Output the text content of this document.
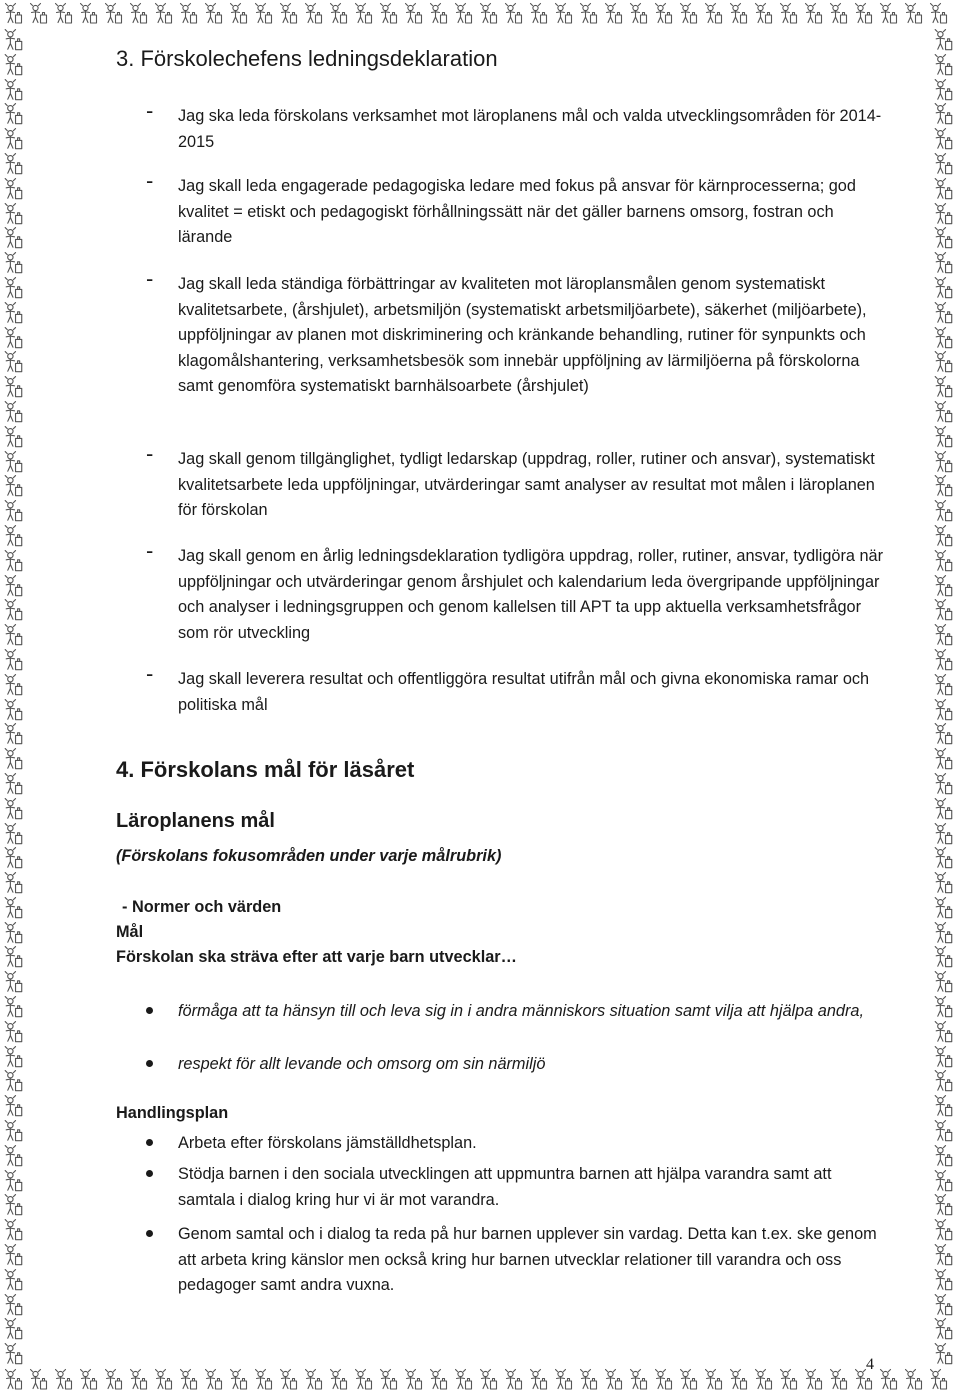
3. Förskolechefens ledningsdeklaration
- Jag ska leda förskolans verksamhet mot läroplanens mål och valda utvecklingsområden för 2014-2015

- Jag skall leda engagerade pedagogiska ledare med fokus på ansvar för kärnprocesserna; god kvalitet = etiskt och pedagogiskt förhållningssätt när det gäller barnens omsorg, fostran och lärande

- Jag skall leda ständiga förbättringar av kvaliteten mot läroplansmålen genom systematiskt kvalitetsarbete, (årshjulet), arbetsmiljön (systematiskt arbetsmiljöarbete), säkerhet (miljöarbete), uppföljningar av planen mot diskriminering och kränkande behandling, rutiner för synpunkts och klagomålshantering, verksamhetsbesök som innebär uppföljning av lärmiljöerna på förskolorna samt genomföra systematiskt barnhälsoarbete (årshjulet)

- Jag skall genom tillgänglighet, tydligt ledarskap (uppdrag, roller, rutiner och ansvar), systematiskt kvalitetsarbete leda uppföljningar, utvärderingar samt analyser av resultat mot målen i läroplanen för förskolan

- Jag skall genom en årlig ledningsdeklaration tydligöra uppdrag, roller, rutiner, ansvar, tydligöra när uppföljningar och utvärderingar genom årshjulet och kalendarium leda övergripande uppföljningar och analyser i ledningsgruppen och genom kallelsen till APT ta upp aktuella verksamhetsfrågor som rör utveckling

- Jag skall leverera resultat och offentliggöra resultat utifrån mål och givna ekonomiska ramar och politiska mål

4. Förskolans mål för läsåret
Läroplanens mål
(Förskolans fokusområden under varje målrubrik)
- Normer och värden
Mål
Förskolan ska sträva efter att varje barn utvecklar…
förmåga att ta hänsyn till och leva sig in i andra människors situation samt vilja att hjälpa andra,
respekt för allt levande och omsorg om sin närmiljö
Handlingsplan
Arbeta efter förskolans jämställdhetsplan.
Stödja barnen i den sociala utvecklingen att uppmuntra barnen att hjälpa varandra samt att samtala i dialog kring hur vi är mot varandra.
Genom samtal och i dialog ta reda på hur barnen upplever sin vardag. Detta kan t.ex. ske genom att arbeta kring känslor men också kring hur barnen utvecklar relationer till varandra och oss pedagoger samt andra vuxna.
4
